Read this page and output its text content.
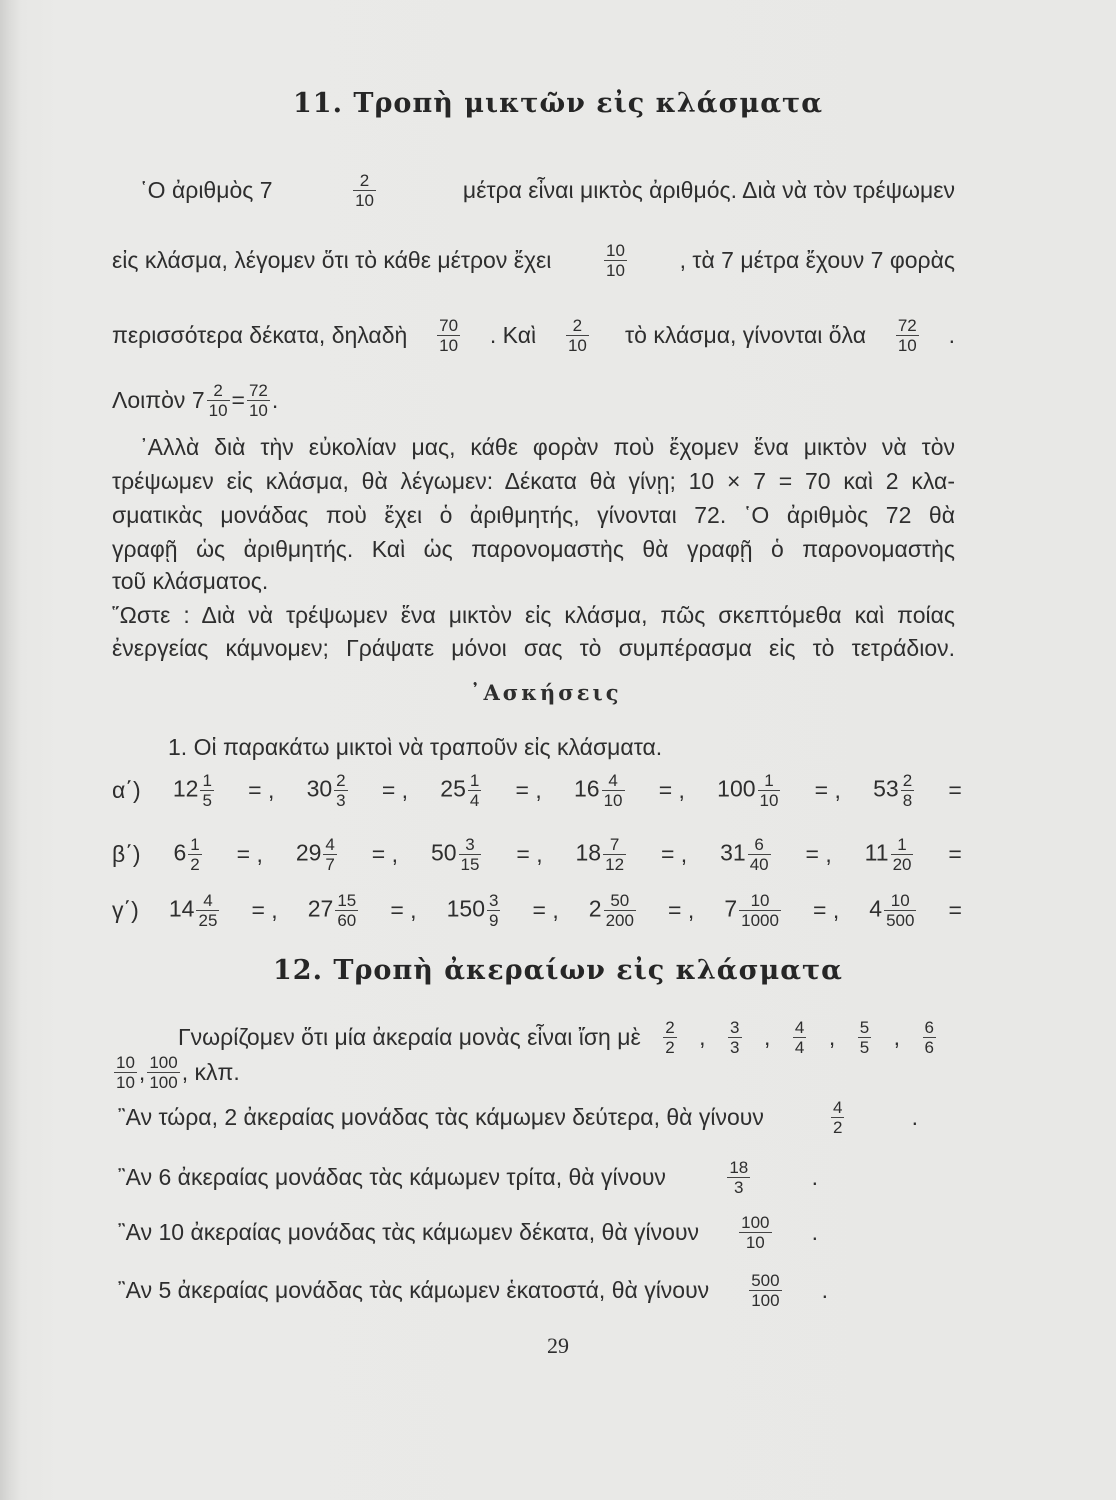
11. Τροπὴ μικτῶν εἰς κλάσματα
῾Ο ἀριθμὸς 7	$\frac{2}{10}$	μέτρα εἶναι μικτὸς ἀριθμός. Διὰ νὰ τὸν τρέψωμεν
εἰς κλάσμα, λέγομεν ὅτι τὸ κάθε μέτρον ἔχει	$\frac{10}{10}$ , τὰ 7 μέτρα ἔχουν 7 φορὰς
περισσότερα δέκατα, δηλαδὴ $\frac{70}{10}$ . Καὶ $\frac{2}{10}$ τὸ κλάσμα, γίνονται ὅλα $\frac{72}{10}$ .
Λοιπὸν $7 \frac{2}{10} = \frac{72}{10}$ .
᾿Αλλὰ διὰ τὴν εὐκολίαν μας, κάθε φορὰν ποὺ ἔχομεν ἕνα μικτὸν νὰ τὸν
τρέψωμεν εἰς κλάσμα, θὰ λέγωμεν: Δέκατα θὰ γίνῃ; 10 × 7 = 70 καὶ 2 κλα-
σματικὰς μονάδας ποὺ ἔχει ὁ ἀριθμητής, γίνονται 72. ῾Ο ἀριθμὸς 72 θὰ
γραφῇ ὡς ἀριθμητής. Καὶ ὡς παρονομαστὴς θὰ γραφῇ ὁ παρονομαστὴς
τοῦ κλάσματος.
῞Ωστε : Διὰ νὰ τρέψωμεν ἕνα μικτὸν εἰς κλάσμα, πῶς σκεπτόμεθα καὶ ποίας
ἐνεργείας κάμνομεν; Γράψατε μόνοι σας τὸ συμπέρασμα εἰς τὸ τετράδιον.
᾿Ασκήσεις
1. Οἱ παρακάτω μικτοὶ νὰ τραποῦν εἰς κλάσματα.
α΄) $12 \frac{1}{5}$ = , $30 \frac{2}{3}$ = , $25 \frac{1}{4}$ = , $16 \frac{4}{10}$ = , $100 \frac{1}{10}$ = , $53 \frac{2}{8}$ =
β΄) $6 \frac{1}{2}$ = , $29 \frac{4}{7}$ = , $50 \frac{3}{15}$ = , $18 \frac{7}{12}$ = , $31 \frac{6}{40}$ = , $11 \frac{1}{20}$ =
γ΄) $14 \frac{4}{25}$ = , $27 \frac{15}{60}$ = , $150 \frac{3}{9}$ = , $2 \frac{50}{200}$ = , $7 \frac{10}{1000}$ = , $4 \frac{10}{500}$ =
12. Τροπὴ ἀκεραίων εἰς κλάσματα
Γνωρίζομεν ὅτι μία ἀκεραία μονὰς εἶναι ἴση μὲ $\frac{2}{2}$ , $\frac{3}{3}$ , $\frac{4}{4}$ , $\frac{5}{5}$ , $\frac{6}{6}$
$\frac{10}{10}$ , $\frac{100}{100}$ , κλπ.
῍Αν τώρα, 2 ἀκεραίας μονάδας τὰς κάμωμεν δεύτερα, θὰ γίνουν	$\frac{4}{2}$	.
῍Αν 6 ἀκεραίας μονάδας τὰς κάμωμεν τρίτα, θὰ γίνουν	$\frac{18}{3}$	.
῍Αν 10 ἀκεραίας μονάδας τὰς κάμωμεν δέκατα, θὰ γίνουν $\frac{100}{10}$ .
῍Αν 5 ἀκεραίας μονάδας τὰς κάμωμεν ἑκατοστά, θὰ γίνουν $\frac{500}{100}$ .
29
